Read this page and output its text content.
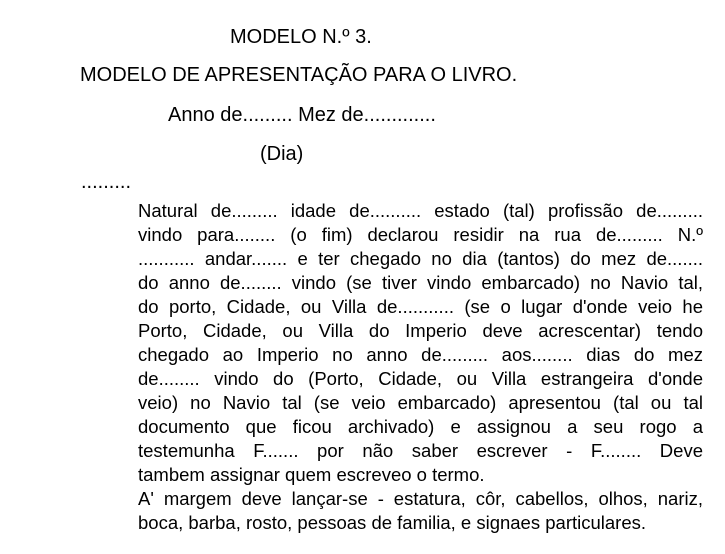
MODELO N.º 3.
MODELO DE APRESENTAÇÃO PARA O LIVRO.
Anno de......... Mez de.............
(Dia)
.........
Natural de......... idade de.......... estado (tal) profissão de.........
vindo para........ (o fim) declarou residir na rua de......... N.º
........... andar....... e ter chegado no dia (tantos) do mez de.......
do anno de........ vindo (se tiver vindo embarcado) no Navio tal,
do porto, Cidade, ou Villa de........... (se o lugar d'onde veio he
Porto, Cidade, ou Villa do Imperio deve acrescentar) tendo
chegado ao Imperio no anno de......... aos........ dias do mez
de........ vindo do (Porto, Cidade, ou Villa estrangeira d'onde
veio) no Navio tal (se veio embarcado) apresentou (tal ou tal
documento que ficou archivado) e assignou a seu rogo a
testemunha F....... por não saber escrever - F........ Deve
tambem assignar quem escreveo o termo.
A' margem deve lançar-se - estatura, côr, cabellos, olhos, nariz,
boca, barba, rosto, pessoas de familia, e signaes particulares.
